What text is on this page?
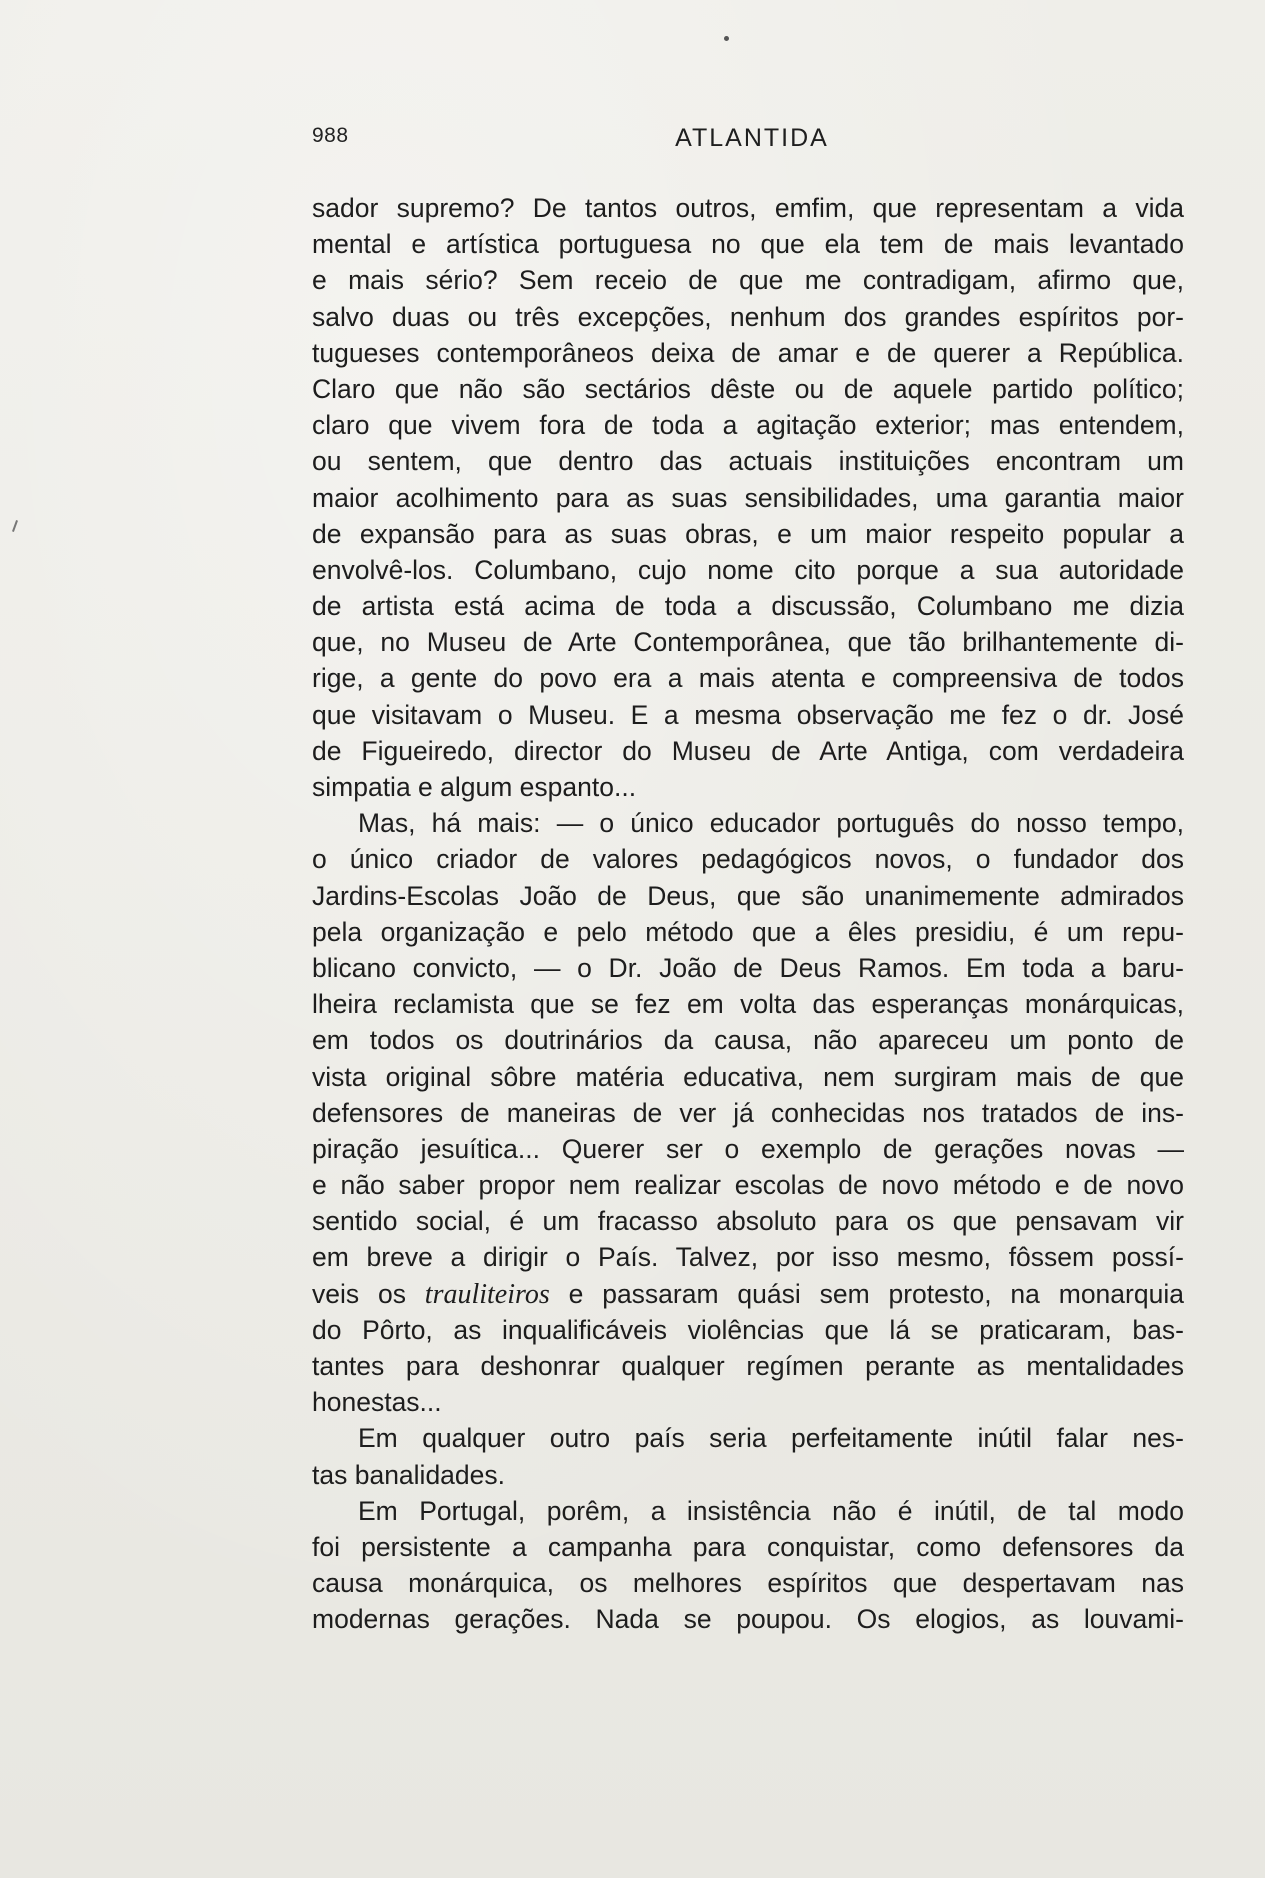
988	ATLANTIDA
sador supremo? De tantos outros, emfim, que representam a vida
mental e artística portuguesa no que ela tem de mais levantado
e mais sério? Sem receio de que me contradigam, afirmo que,
salvo duas ou três excepções, nenhum dos grandes espíritos por-
tugueses contemporâneos deixa de amar e de querer a República.
Claro que não são sectários dêste ou de aquele partido político;
claro que vivem fora de toda a agitação exterior; mas entendem,
ou sentem, que dentro das actuais instituições encontram um
maior acolhimento para as suas sensibilidades, uma garantia maior
de expansão para as suas obras, e um maior respeito popular a
envolvê-los. Columbano, cujo nome cito porque a sua autoridade
de artista está acima de toda a discussão, Columbano me dizia
que, no Museu de Arte Contemporânea, que tão brilhantemente di-
rige, a gente do povo era a mais atenta e compreensiva de todos
que visitavam o Museu. E a mesma observação me fez o dr. José
de Figueiredo, director do Museu de Arte Antiga, com verdadeira
simpatia e algum espanto...
Mas, há mais: — o único educador português do nosso tempo,
o único criador de valores pedagógicos novos, o fundador dos
Jardins-Escolas João de Deus, que são unanimemente admirados
pela organização e pelo método que a êles presidiu, é um repu-
blicano convicto, — o Dr. João de Deus Ramos. Em toda a baru-
lheira reclamista que se fez em volta das esperanças monárquicas,
em todos os doutrinários da causa, não apareceu um ponto de
vista original sôbre matéria educativa, nem surgiram mais de que
defensores de maneiras de ver já conhecidas nos tratados de ins-
piração jesuítica... Querer ser o exemplo de gerações novas —
e não saber propor nem realizar escolas de novo método e de novo
sentido social, é um fracasso absoluto para os que pensavam vir
em breve a dirigir o País. Talvez, por isso mesmo, fôssem possí-
veis os trauliteiros e passaram quási sem protesto, na monarquia
do Pôrto, as inqualificáveis violências que lá se praticaram, bas-
tantes para deshonrar qualquer regímen perante as mentalidades
honestas...
Em qualquer outro país seria perfeitamente inútil falar nes-
tas banalidades.
Em Portugal, porêm, a insistência não é inútil, de tal modo
foi persistente a campanha para conquistar, como defensores da
causa monárquica, os melhores espíritos que despertavam nas
modernas gerações. Nada se poupou. Os elogios, as louvami-
